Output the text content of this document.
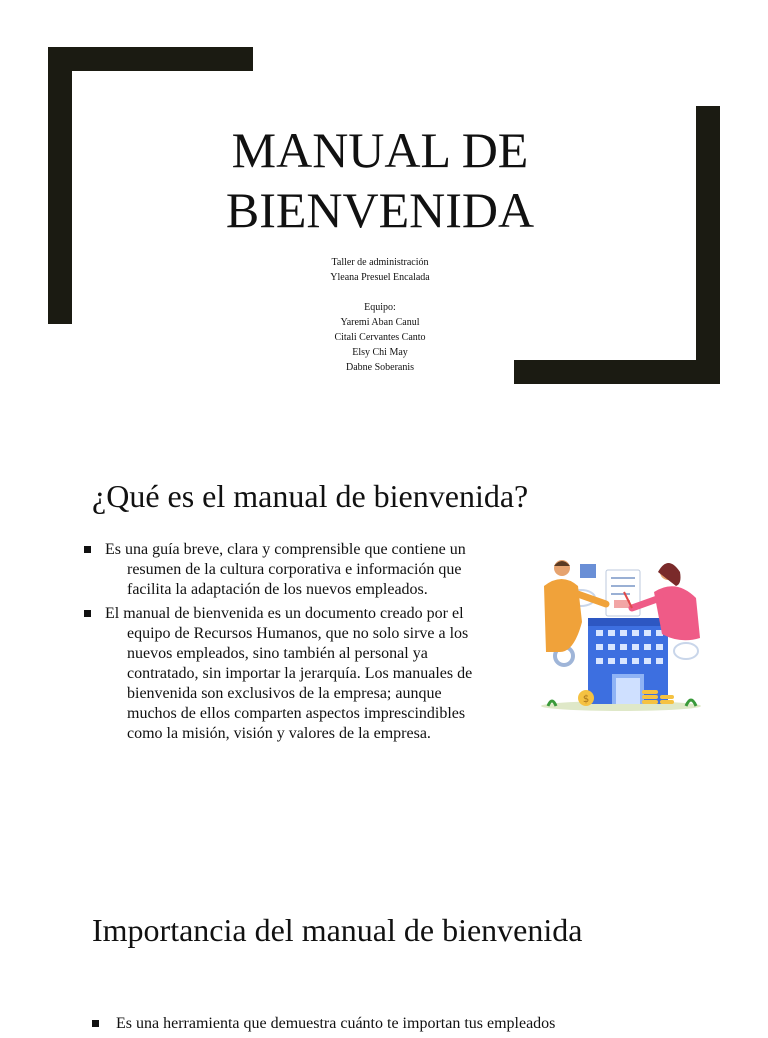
MANUAL DE
BIENVENIDA
Taller de administración
Yleana Presuel Encalada
Equipo:
Yaremi Aban Canul
Citali Cervantes Canto
Elsy Chi May
Dabne Soberanis
¿Qué es el manual de bienvenida?
Es una guía breve, clara y comprensible que contiene un
resumen de la cultura corporativa e información que
facilita la adaptación de los nuevos empleados.
El manual de bienvenida es un documento creado por el
equipo de Recursos Humanos, que no solo sirve a los
nuevos empleados, sino también al personal ya
contratado, sin importar la jerarquía. Los manuales de
bienvenida son exclusivos de la empresa; aunque
muchos de ellos comparten aspectos imprescindibles
como la misión, visión y valores de la empresa.
$
Importancia del manual de bienvenida
Es una herramienta que demuestra cuánto te importan tus empleados
